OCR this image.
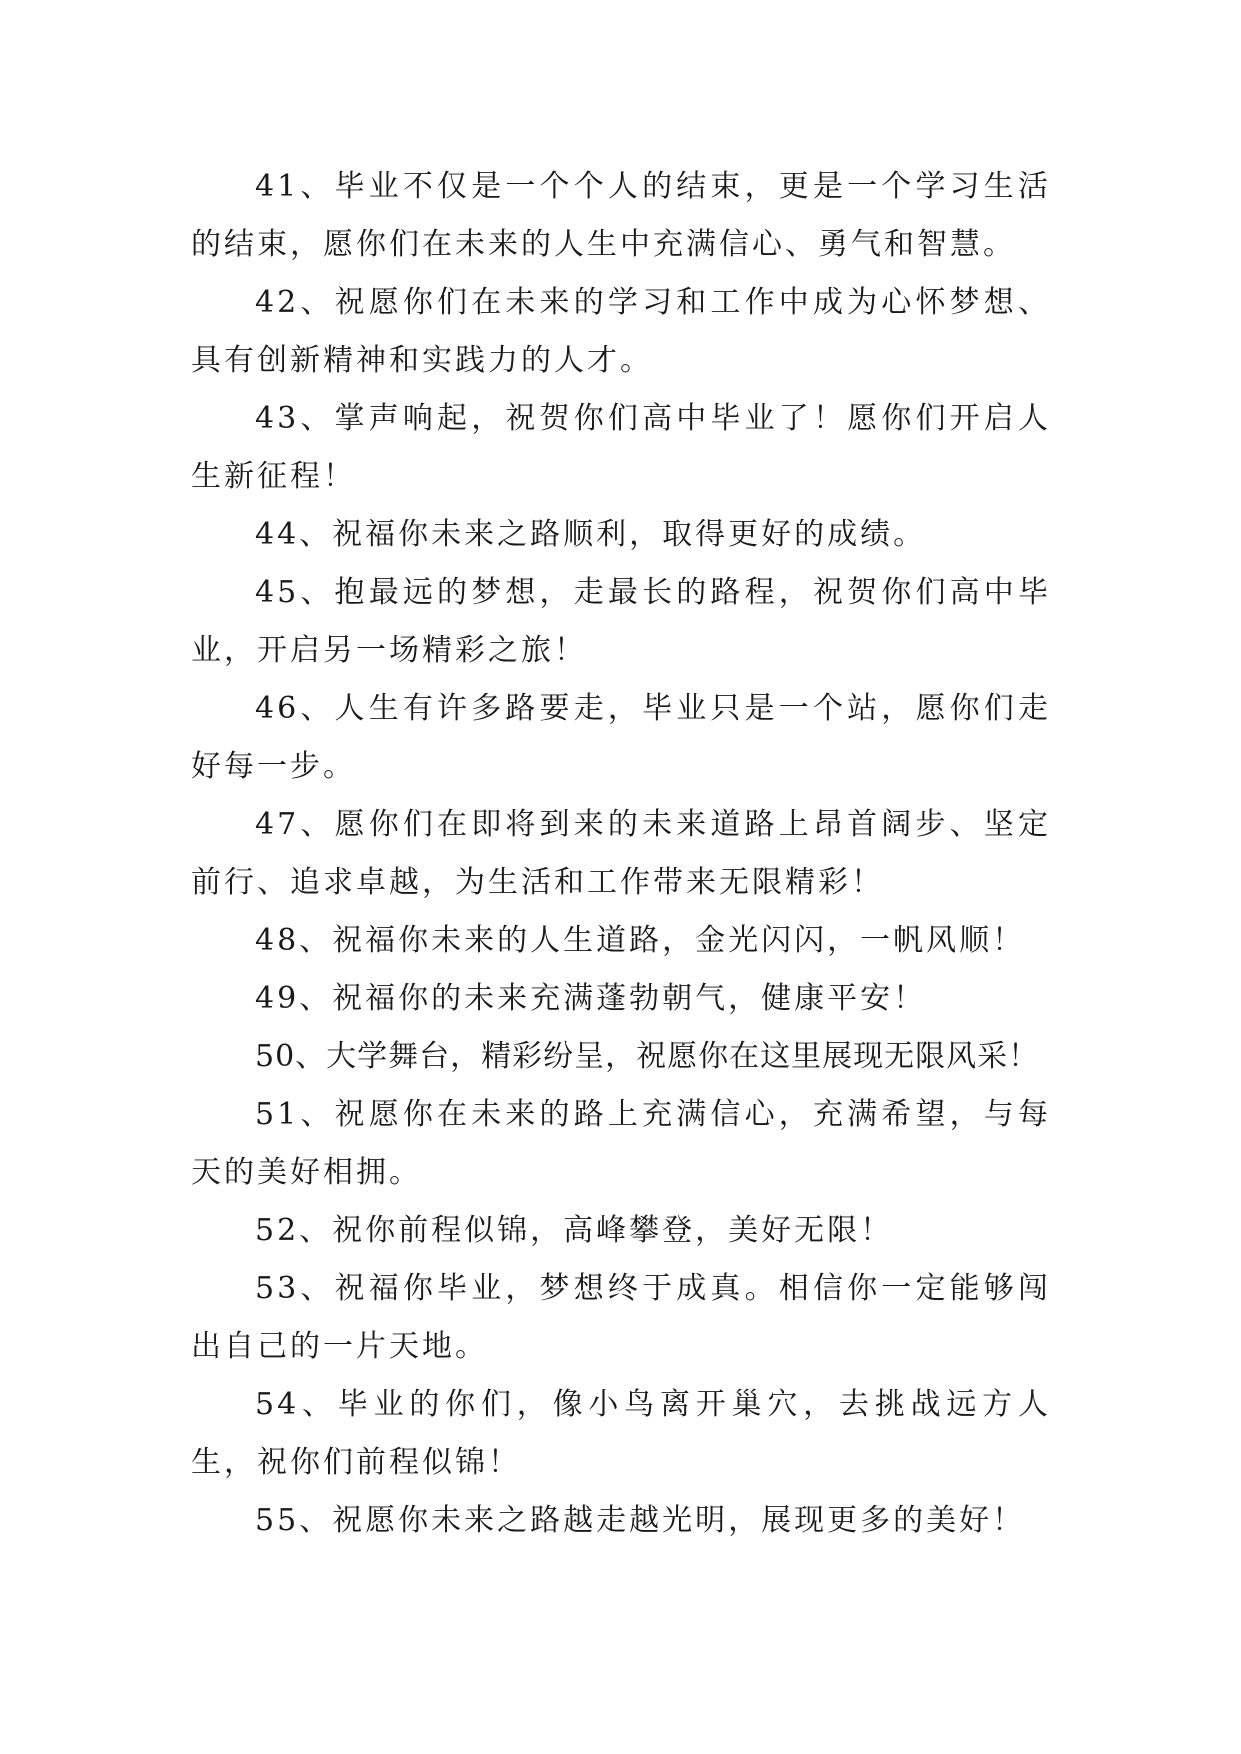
41、毕业不仅是一个个人的结束，更是一个学习生活的结束，愿你们在未来的人生中充满信心、勇气和智慧。

42、祝愿你们在未来的学习和工作中成为心怀梦想、具有创新精神和实践力的人才。

43、掌声响起，祝贺你们高中毕业了！愿你们开启人生新征程！

44、祝福你未来之路顺利，取得更好的成绩。

45、抱最远的梦想，走最长的路程，祝贺你们高中毕业，开启另一场精彩之旅！

46、人生有许多路要走，毕业只是一个站，愿你们走好每一步。

47、愿你们在即将到来的未来道路上昂首阔步、坚定前行、追求卓越，为生活和工作带来无限精彩！

48、祝福你未来的人生道路，金光闪闪，一帆风顺！

49、祝福你的未来充满蓬勃朝气，健康平安！

50、大学舞台，精彩纷呈，祝愿你在这里展现无限风采！

51、祝愿你在未来的路上充满信心，充满希望，与每天的美好相拥。

52、祝你前程似锦，高峰攀登，美好无限！

53、祝福你毕业，梦想终于成真。相信你一定能够闯出自己的一片天地。

54、毕业的你们，像小鸟离开巢穴，去挑战远方人生，祝你们前程似锦！

55、祝愿你未来之路越走越光明，展现更多的美好！
